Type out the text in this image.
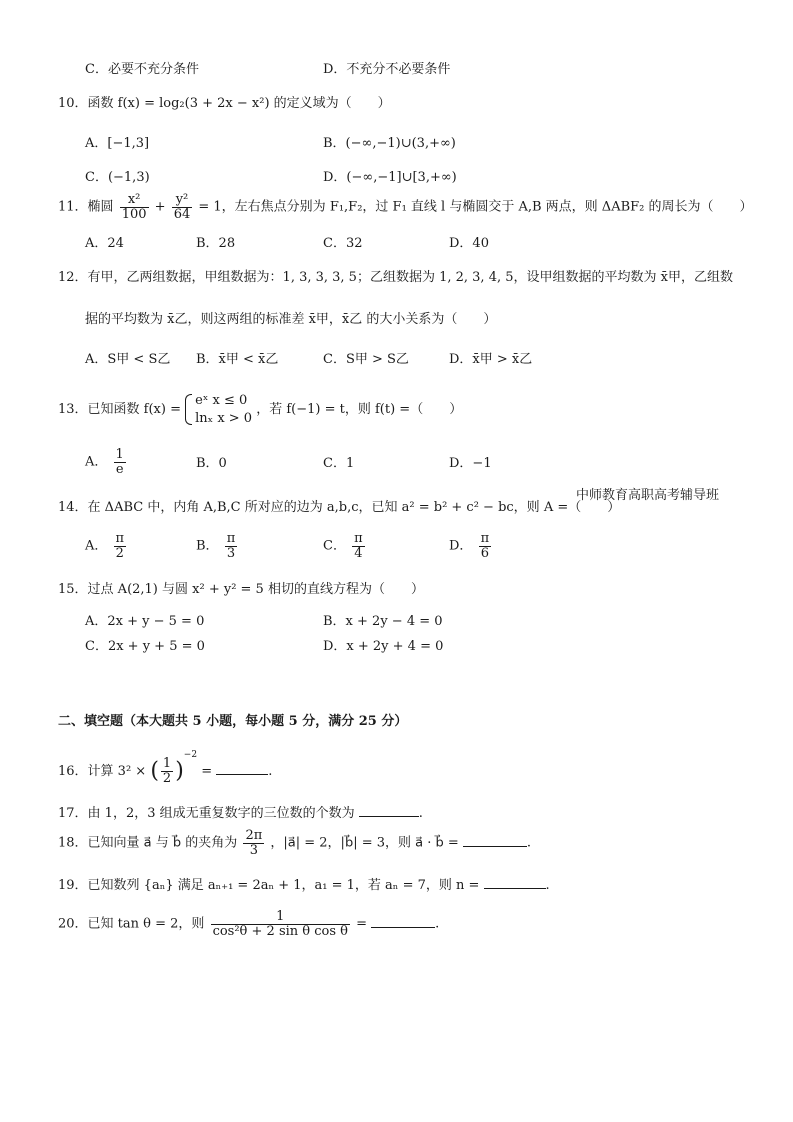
C．必要不充分条件	D．不充分不必要条件
10．函数 f(x) = log₂(3 + 2x − x²) 的定义域为（　　）
A．[−1,3]	B．(−∞,−1)∪(3,+∞)
C．(−1,3)	D．(−∞,−1]∪[3,+∞)
11．椭圆 $\frac{\text{x²}}{100} + \frac{\text{y²}}{64} = 1$，左右焦点分别为 F₁,F₂，过 F₁ 直线 l 与椭圆交于 A,B 两点，则 ΔABF₂ 的周长为（　　）
A．24	B．28	C．32	D．40
12．有甲，乙两组数据，甲组数据为：1, 3, 3, 3, 5；乙组数据为 1, 2, 3, 4, 5，设甲组数据的平均数为 x̄甲，乙组数
据的平均数为 x̄乙，则这两组的标准差 x̄甲，x̄乙 的大小关系为（　　）
A．S甲 < S乙 B．x̄甲 < x̄乙	C．S甲 > S乙	D．x̄甲 > x̄乙
13．已知函数 f(x) =
eˣ x ≤ 0
lnₓ x > 0
，若 f(−1) = t，则 f(t) =（　　）
A． $\frac{1}{e}$	B．0	C．1	D．−1
14．在 ΔABC 中，内角 A,B,C 所对应的边为 a,b,c，已知 a² = b² + c² − bc，则 A =（　　）
中师教育高职高考辅导班
A． $\frac{\pi}{2}$	B． $\frac{\pi}{3}$	C． $\frac{\pi}{4}$	D． $\frac{\pi}{6}$
15．过点 A(2,1) 与圆 x² + y² = 5 相切的直线方程为（　　）
A．2x + y − 5 = 0	B．x + 2y − 4 = 0
C．2x + y + 5 = 0	D．x + 2y + 4 = 0
二、填空题（本大题共 5 小题，每小题 5 分，满分 25 分）
16．计算 3² × ( $\frac{1}{2} )^{-2}$ =	.
17．由 1，2，3 组成无重复数字的三位数的个数为	.
18．已知向量 a⃗ 与 b⃗ 的夹角为 $\frac{2\pi}{3}$ ，|a⃗| = 2，|b⃗| = 3，则 a⃗ · b⃗ =	.
19．已知数列 {aₙ} 满足 aₙ₊₁ = 2aₙ + 1，a₁ = 1，若 aₙ = 7，则 n =	.
20．已知 tan θ = 2，则 $\frac{1}{\text{cos²θ + 2 sin θ cos θ}}$ =	.
